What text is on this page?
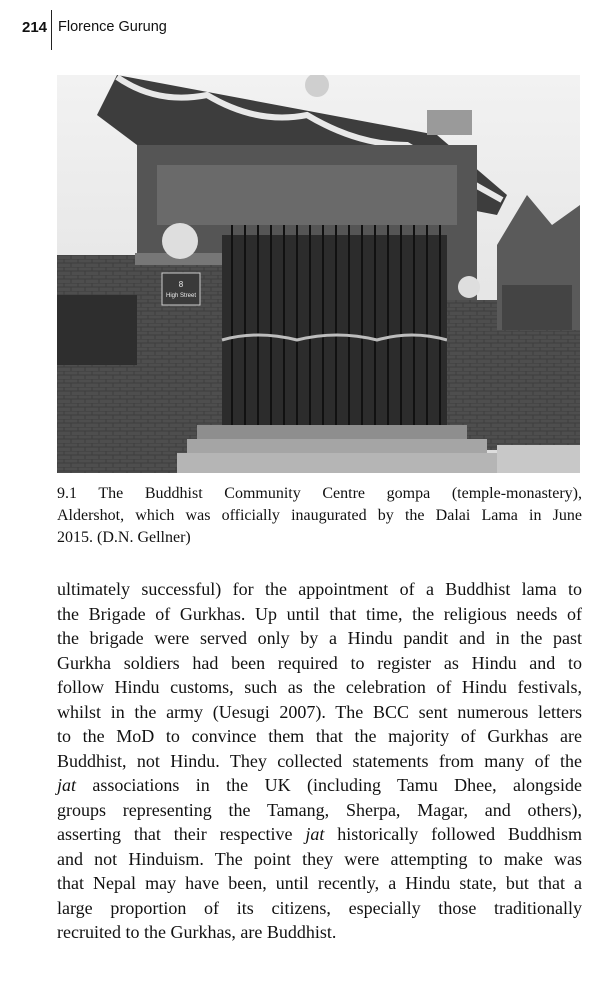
214 Florence Gurung
8
High Street
9.1 The Buddhist Community Centre gompa (temple-monastery),
Aldershot, which was officially inaugurated by the Dalai Lama in June
2015. (D.N. Gellner)
ultimately successful) for the appointment of a Buddhist lama to
the Brigade of Gurkhas. Up until that time, the religious needs of
the brigade were served only by a Hindu pandit and in the past
Gurkha soldiers had been required to register as Hindu and to
follow Hindu customs, such as the celebration of Hindu festivals,
whilst in the army (Uesugi 2007). The BCC sent numerous letters
to the MoD to convince them that the majority of Gurkhas are
Buddhist, not Hindu. They collected statements from many of the
jat associations in the UK (including Tamu Dhee, alongside
groups representing the Tamang, Sherpa, Magar, and others),
asserting that their respective jat historically followed Buddhism
and not Hinduism. The point they were attempting to make was
that Nepal may have been, until recently, a Hindu state, but that a
large proportion of its citizens, especially those traditionally
recruited to the Gurkhas, are Buddhist.
